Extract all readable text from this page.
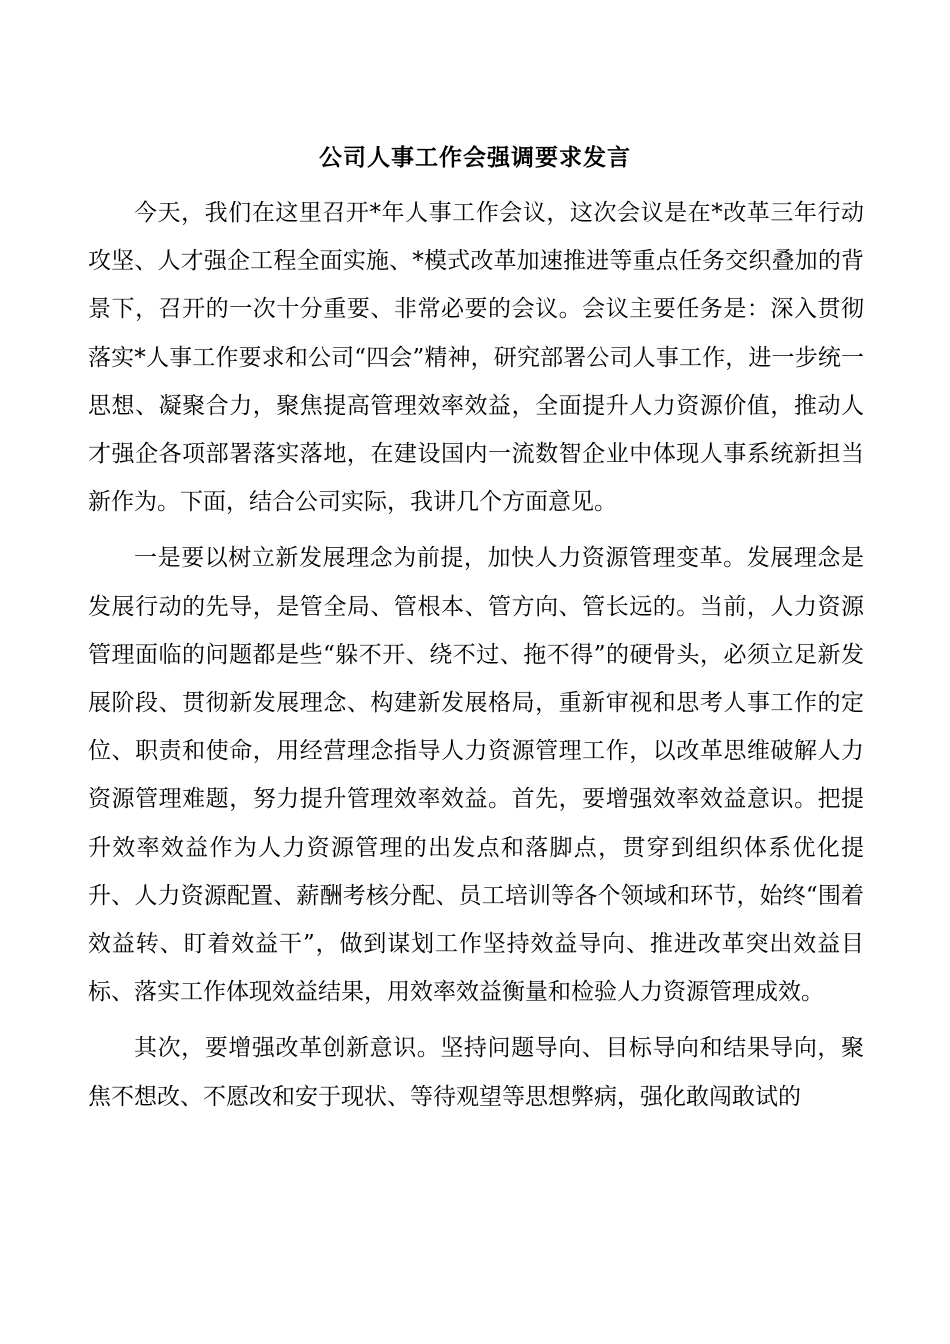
公司人事工作会强调要求发言

今天，我们在这里召开*年人事工作会议，这次会议是在*改革三年行动攻坚、人才强企工程全面实施、*模式改革加速推进等重点任务交织叠加的背景下，召开的一次十分重要、非常必要的会议。会议主要任务是：深入贯彻落实*人事工作要求和公司“四会”精神，研究部署公司人事工作，进一步统一思想、凝聚合力，聚焦提高管理效率效益，全面提升人力资源价值，推动人才强企各项部署落实落地，在建设国内一流数智企业中体现人事系统新担当新作为。下面，结合公司实际，我讲几个方面意见。

一是要以树立新发展理念为前提，加快人力资源管理变革。发展理念是发展行动的先导，是管全局、管根本、管方向、管长远的。当前，人力资源管理面临的问题都是些“躲不开、绕不过、拖不得”的硬骨头，必须立足新发展阶段、贯彻新发展理念、构建新发展格局，重新审视和思考人事工作的定位、职责和使命，用经营理念指导人力资源管理工作，以改革思维破解人力资源管理难题，努力提升管理效率效益。首先，要增强效率效益意识。把提升效率效益作为人力资源管理的出发点和落脚点，贯穿到组织体系优化提升、人力资源配置、薪酬考核分配、员工培训等各个领域和环节，始终“围着效益转、盯着效益干”，做到谋划工作坚持效益导向、推进改革突出效益目标、落实工作体现效益结果，用效率效益衡量和检验人力资源管理成效。

其次，要增强改革创新意识。坚持问题导向、目标导向和结果导向，聚焦不想改、不愿改和安于现状、等待观望等思想弊病，强化敢闯敢试的
